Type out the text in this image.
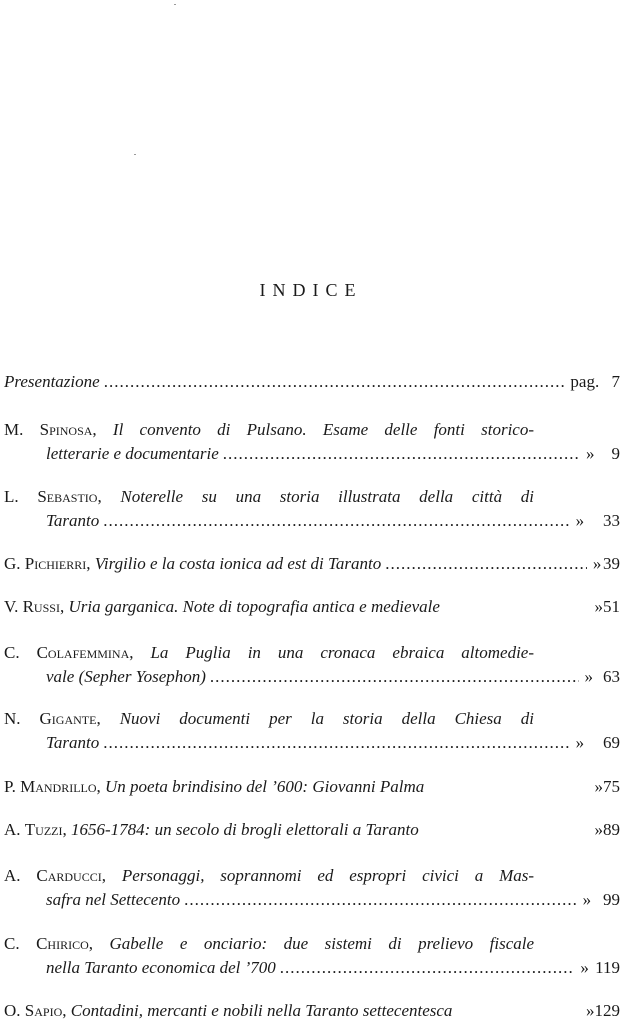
INDICE
Presentazione .....	pag. 7
M. Spinosa, Il convento di Pulsano. Esame delle fonti storico-
letterarie e documentarie .....	»	9
L. Sebastio, Noterelle su una storia illustrata della città di
Taranto .....	»	33
G. Pichierri, Virgilio e la costa ionica ad est di Taranto .....	» 39
V. Russi, Uria garganica. Note di topografia antica e medievale	» 51
C. Colafemmina, La Puglia in una cronaca ebraica altomedie-
vale (Sepher Yosephon) .....	» 63
N. Gigante, Nuovi documenti per la storia della Chiesa di
Taranto .....	»	69
P. Mandrillo, Un poeta brindisino del ’600: Giovanni Palma	» 75
A. Tuzzi, 1656-1784: un secolo di brogli elettorali a Taranto	» 89
A. Carducci, Personaggi, soprannomi ed espropri civici a Mas-
safra nel Settecento .....	» 99
C. Chirico, Gabelle e onciario: due sistemi di prelievo fiscale
nella Taranto economica del ’700 .....	» 119
O. Sapio, Contadini, mercanti e nobili nella Taranto settecentesca	» 129
